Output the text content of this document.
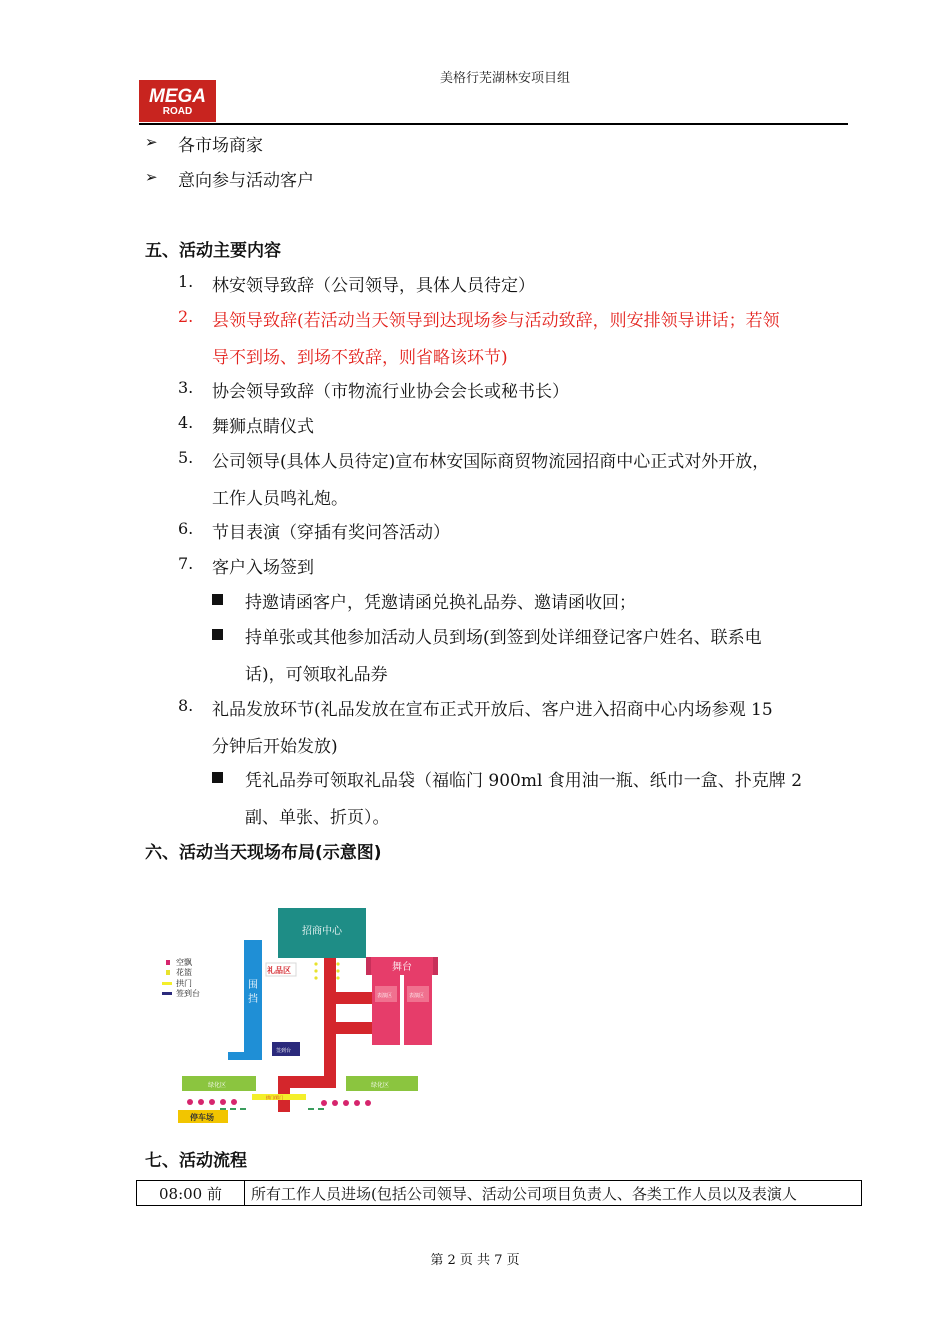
MEGA
ROAD
美格行芜湖林安项目组
➢ 各市场商家
➢ 意向参与活动客户
五、活动主要内容
1. 林安领导致辞（公司领导，具体人员待定）
2. 县领导致辞(若活动当天领导到达现场参与活动致辞，则安排领导讲话；若领
导不到场、到场不致辞，则省略该环节)
3. 协会领导致辞（市物流行业协会会长或秘书长）
4. 舞狮点睛仪式
5. 公司领导(具体人员待定)宣布林安国际商贸物流园招商中心正式对外开放，
工作人员鸣礼炮。
6. 节目表演（穿插有奖问答活动）
7. 客户入场签到
持邀请函客户，凭邀请函兑换礼品券、邀请函收回；
持单张或其他参加活动人员到场(到签到处详细登记客户姓名、联系电
话)，可领取礼品券
8. 礼品发放环节(礼品发放在宣布正式开放后、客户进入招商中心内场参观 15
分钟后开始发放)
凭礼品券可领取礼品袋（福临门 900ml 食用油一瓶、纸巾一盒、扑克牌 2
副、单张、折页）。
六、活动当天现场布局(示意图)
空飘
花篮
拱门
签到台
围
挡
礼品区
招商中心
舞台
表演区	表演区
签到台
绿化区	绿化区
拱门/彩门
停车场
七、活动流程
08:00 前	所有工作人员进场(包括公司领导、活动公司项目负责人、各类工作人员以及表演人
第 2 页 共 7 页
